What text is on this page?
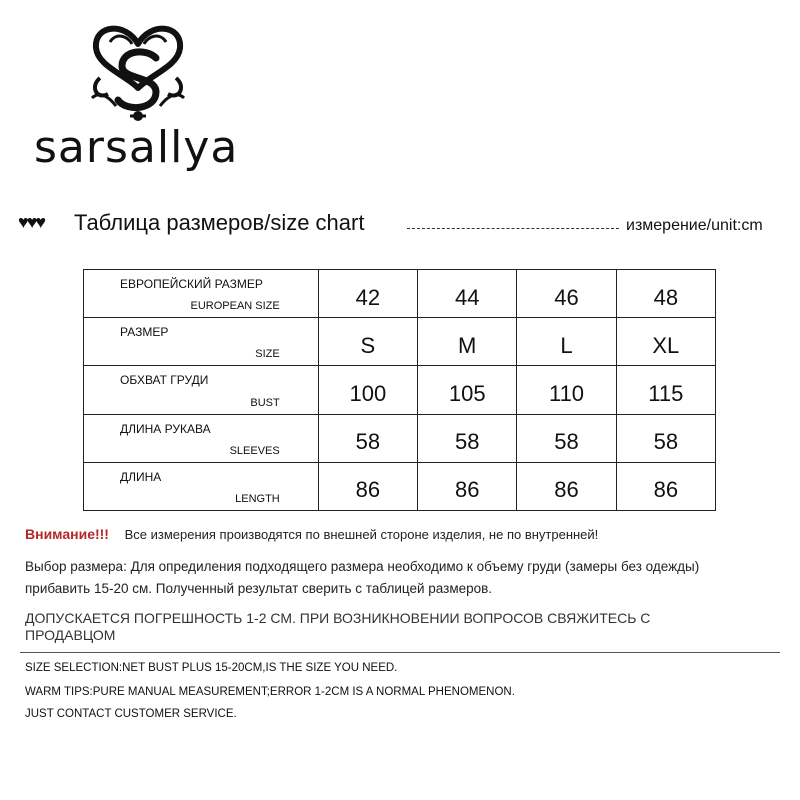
sarsallya
♥♥♥ Таблица размеров/size chart	измерение/unit:cm
ЕВРОПЕЙСКИЙ РАЗМЕР
EUROPEAN SIZE	42	44	46	48

РАЗМЕР
SIZE	S	M	L	XL

ОБХВАТ ГРУДИ
BUST	100	105	110	115

ДЛИНА РУКАВА
SLEEVES	58	58	58	58

ДЛИНА
LENGTH	86	86	86	86
Внимание!!! Все измерения производятся по внешней стороне изделия, не по внутренней!
Выбор размера: Для опредиления подходящего размера необходимо к объему груди (замеры без одежды) прибавить 15-20 см. Полученный результат сверить с таблицей размеров.
ДОПУСКАЕТСЯ ПОГРЕШНОСТЬ 1-2 СМ. ПРИ ВОЗНИКНОВЕНИИ ВОПРОСОВ СВЯЖИТЕСЬ С ПРОДАВЦОМ
SIZE SELECTION:NET BUST PLUS 15-20CM,IS THE SIZE YOU NEED.
WARM TIPS:PURE MANUAL MEASUREMENT;ERROR 1-2CM IS A NORMAL PHENOMENON.
JUST CONTACT CUSTOMER SERVICE.
